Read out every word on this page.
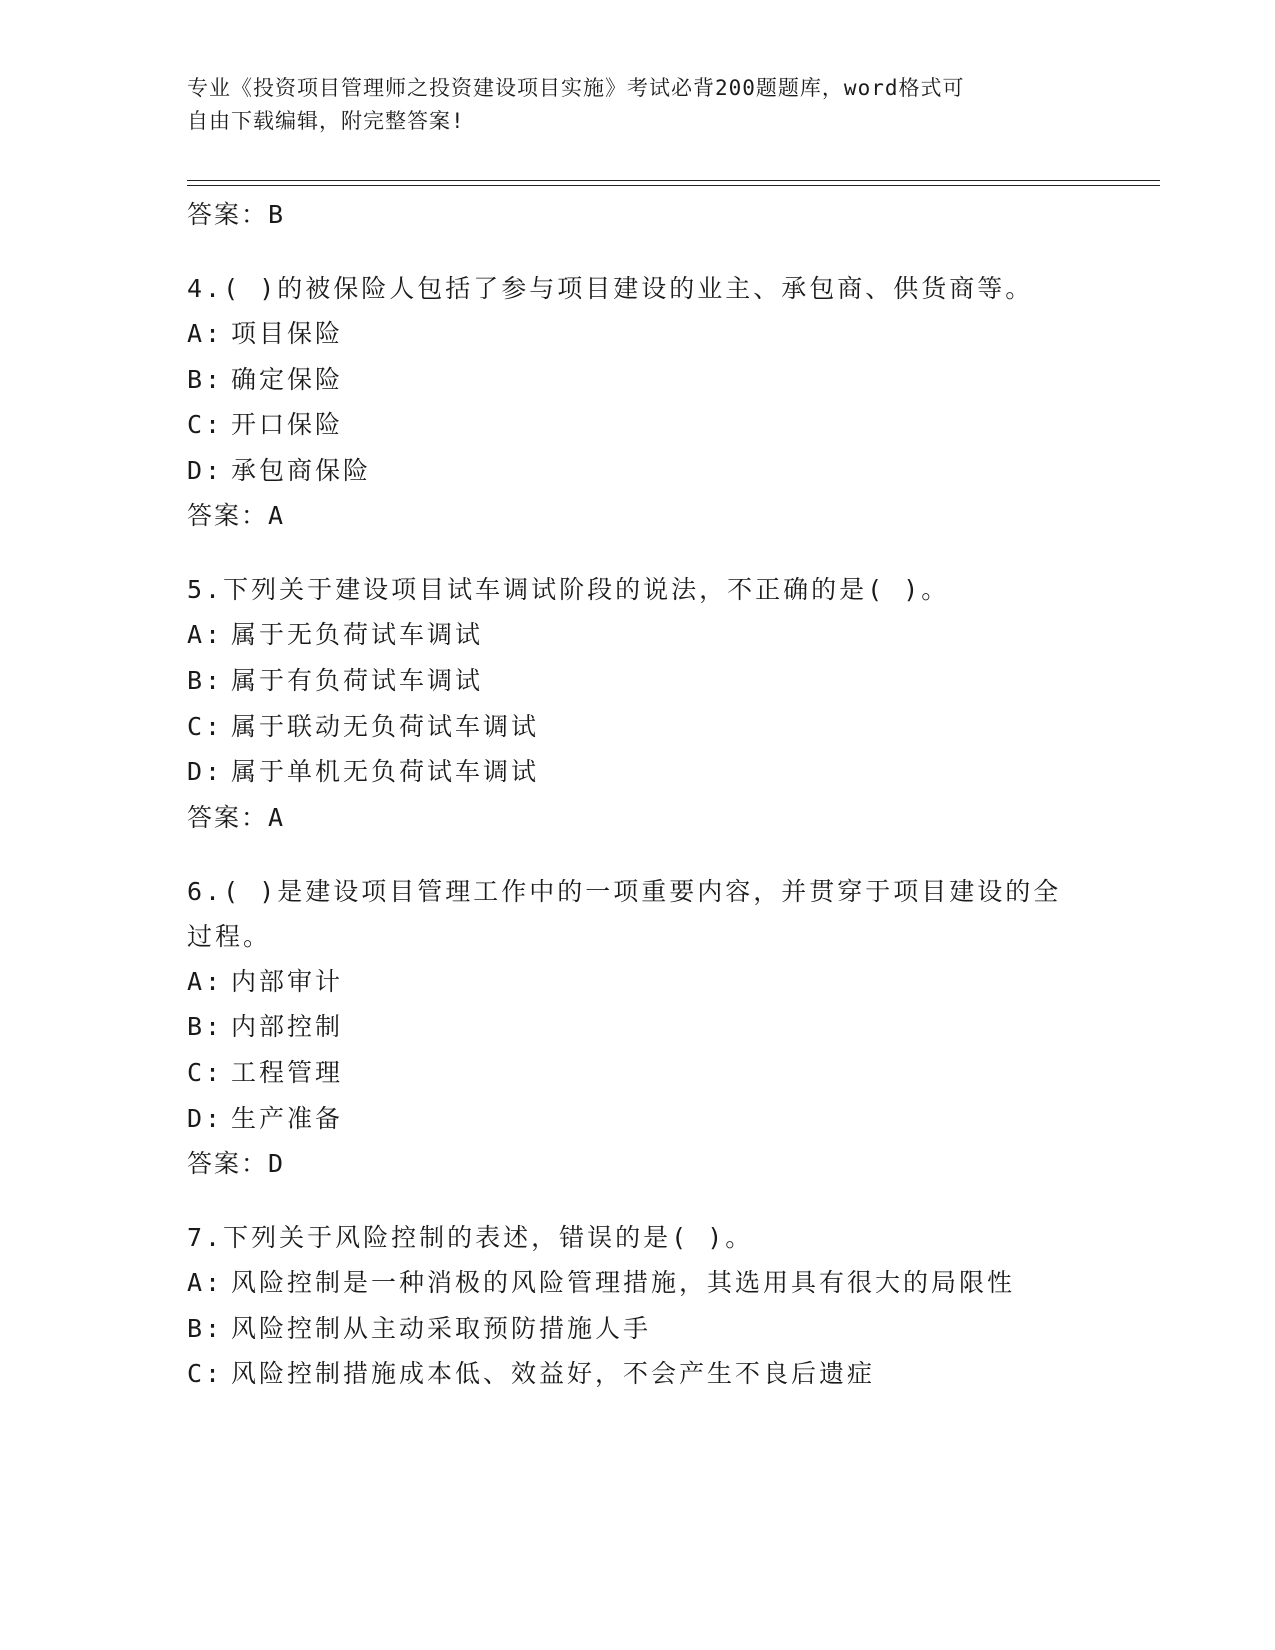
专业《投资项目管理师之投资建设项目实施》考试必背200题题库，word格式可
自由下载编辑，附完整答案!

答案：B

4.( )的被保险人包括了参与项目建设的业主、承包商、供货商等。

A: 项目保险
B: 确定保险
C: 开口保险
D: 承包商保险

答案：A

5.下列关于建设项目试车调试阶段的说法，不正确的是( )。

A: 属于无负荷试车调试
B: 属于有负荷试车调试
C: 属于联动无负荷试车调试
D: 属于单机无负荷试车调试

答案：A

6.( )是建设项目管理工作中的一项重要内容，并贯穿于项目建设的全过程。

A: 内部审计
B: 内部控制
C: 工程管理
D: 生产准备

答案：D

7.下列关于风险控制的表述，错误的是( )。

A: 风险控制是一种消极的风险管理措施，其选用具有很大的局限性
B: 风险控制从主动采取预防措施人手
C: 风险控制措施成本低、效益好，不会产生不良后遗症
